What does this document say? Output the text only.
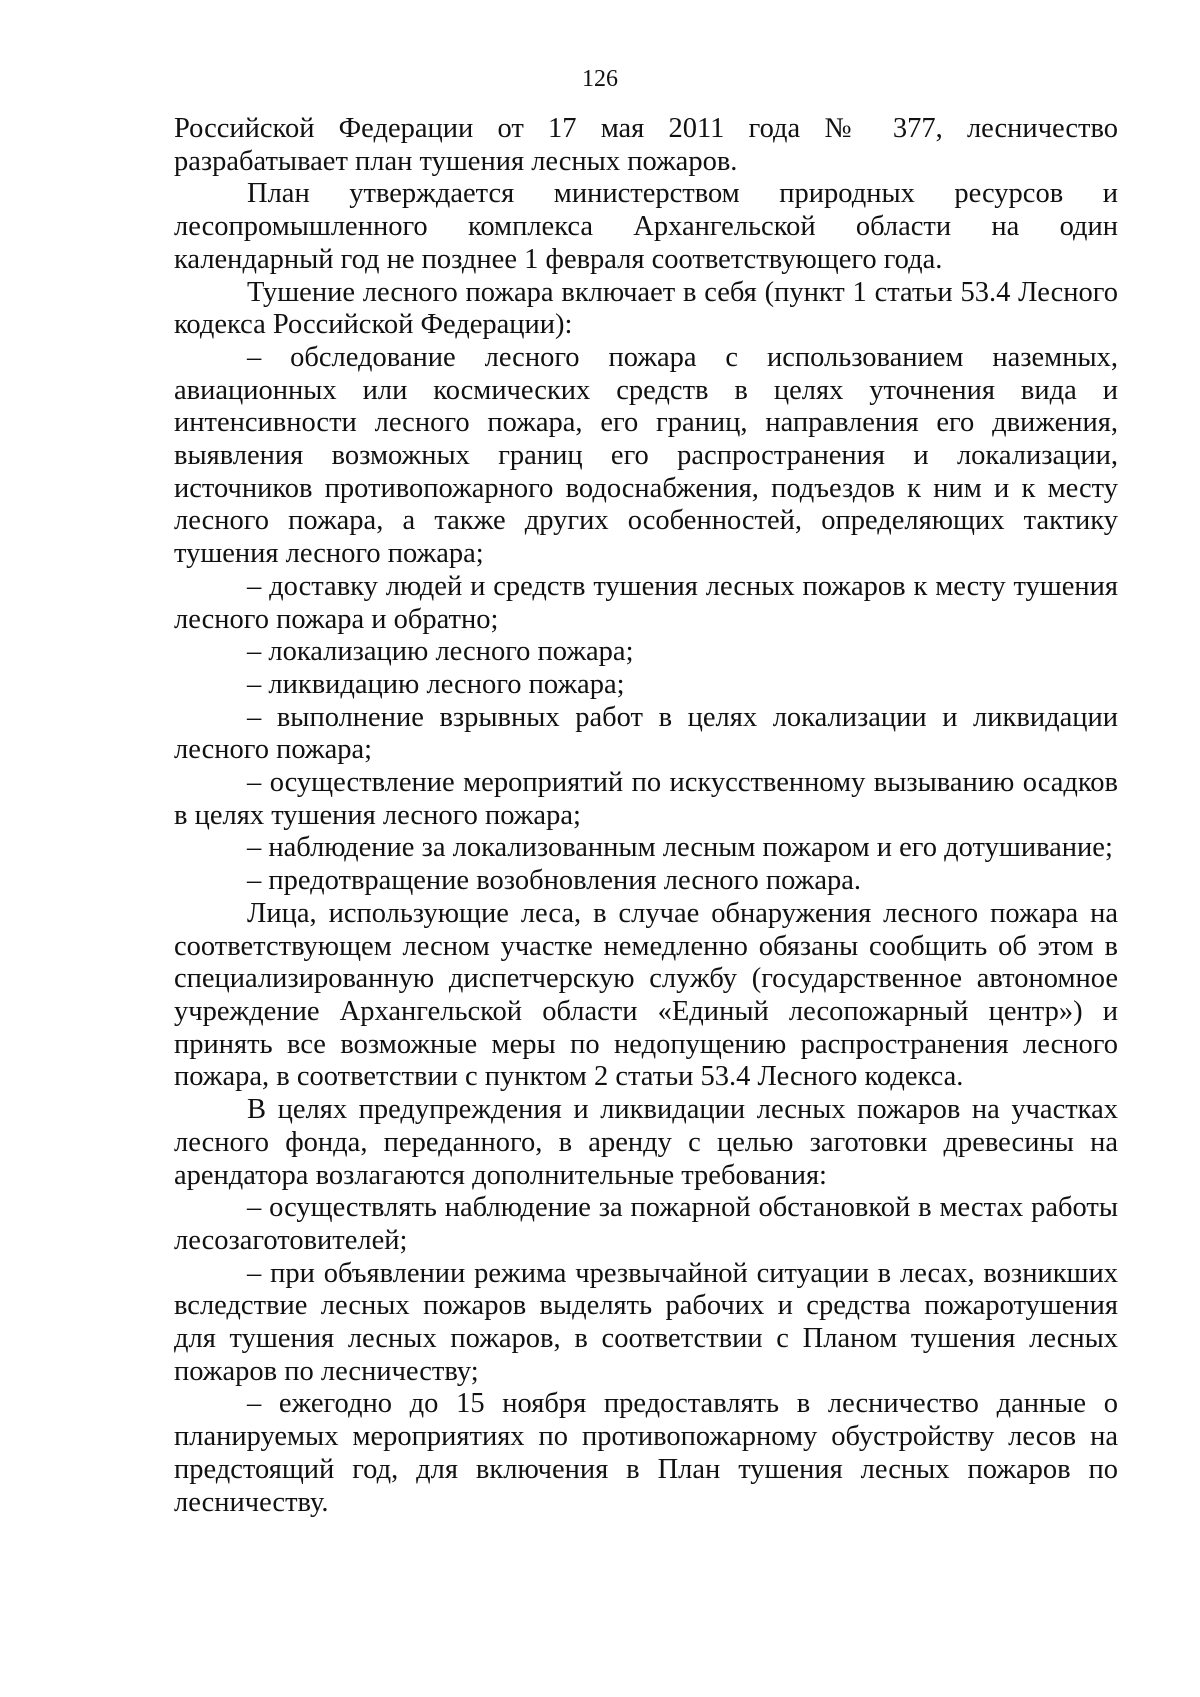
126

Российской Федерации от 17 мая 2011 года № 377, лесничество разрабатывает план тушения лесных пожаров.

План утверждается министерством природных ресурсов и лесопромышленного комплекса Архангельской области на один календарный год не позднее 1 февраля соответствующего года.

Тушение лесного пожара включает в себя (пункт 1 статьи 53.4 Лесного кодекса Российской Федерации):

– обследование лесного пожара с использованием наземных, авиационных или космических средств в целях уточнения вида и интенсивности лесного пожара, его границ, направления его движения, выявления возможных границ его распространения и локализации, источников противопожарного водоснабжения, подъездов к ним и к месту лесного пожара, а также других особенностей, определяющих тактику тушения лесного пожара;

– доставку людей и средств тушения лесных пожаров к месту тушения лесного пожара и обратно;

– локализацию лесного пожара;

– ликвидацию лесного пожара;

– выполнение взрывных работ в целях локализации и ликвидации лесного пожара;

– осуществление мероприятий по искусственному вызыванию осадков в целях тушения лесного пожара;

– наблюдение за локализованным лесным пожаром и его дотушивание;

– предотвращение возобновления лесного пожара.

Лица, использующие леса, в случае обнаружения лесного пожара на соответствующем лесном участке немедленно обязаны сообщить об этом в специализированную диспетчерскую службу (государственное автономное учреждение Архангельской области «Единый лесопожарный центр») и принять все возможные меры по недопущению распространения лесного пожара, в соответствии с пунктом 2 статьи 53.4 Лесного кодекса.

В целях предупреждения и ликвидации лесных пожаров на участках лесного фонда, переданного, в аренду с целью заготовки древесины на арендатора возлагаются дополнительные требования:

– осуществлять наблюдение за пожарной обстановкой в местах работы лесозаготовителей;

– при объявлении режима чрезвычайной ситуации в лесах, возникших вследствие лесных пожаров выделять рабочих и средства пожаротушения для тушения лесных пожаров, в соответствии с Планом тушения лесных пожаров по лесничеству;

– ежегодно до 15 ноября предоставлять в лесничество данные о планируемых мероприятиях по противопожарному обустройству лесов на предстоящий год, для включения в План тушения лесных пожаров по лесничеству.
